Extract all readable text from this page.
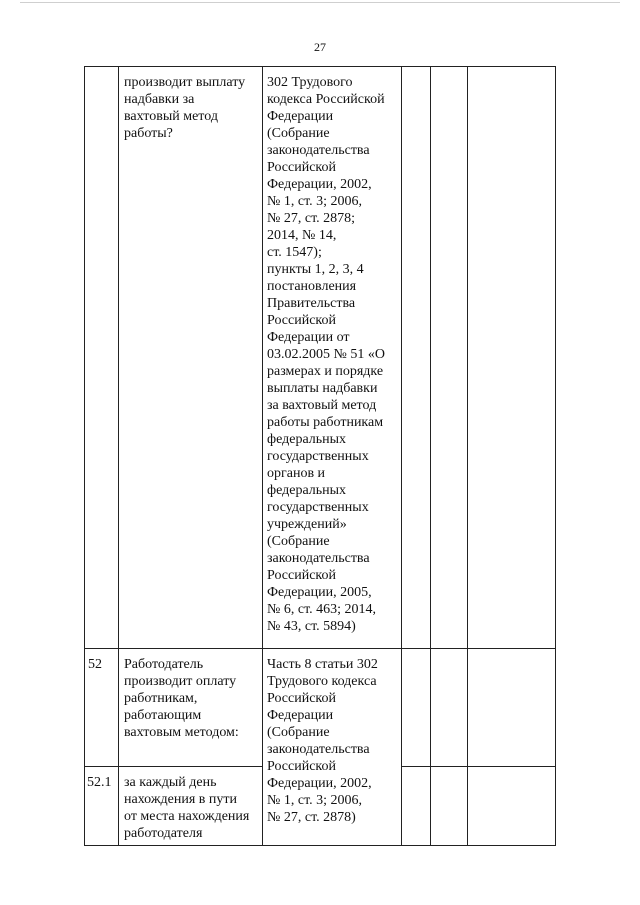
27
производит выплату
надбавки за
вахтовый метод
работы?
302 Трудового
кодекса Российской
Федерации
(Собрание
законодательства
Российской
Федерации, 2002,
№ 1, ст. 3; 2006,
№ 27, ст. 2878;
2014, № 14,
ст. 1547);
пункты 1, 2, 3, 4
постановления
Правительства
Российской
Федерации от
03.02.2005 № 51 «О
размерах и порядке
выплаты надбавки
за вахтовый метод
работы работникам
федеральных
государственных
органов и
федеральных
государственных
учреждений»
(Собрание
законодательства
Российской
Федерации, 2005,
№ 6, ст. 463; 2014,
№ 43, ст. 5894)
52 Работодатель
производит оплату
работникам,
работающим
вахтовым методом:
Часть 8 статьи 302
Трудового кодекса
Российской
Федерации
(Собрание
законодательства
Российской
Федерации, 2002,
№ 1, ст. 3; 2006,
№ 27, ст. 2878)
52.1 за каждый день
нахождения в пути
от места нахождения
работодателя
